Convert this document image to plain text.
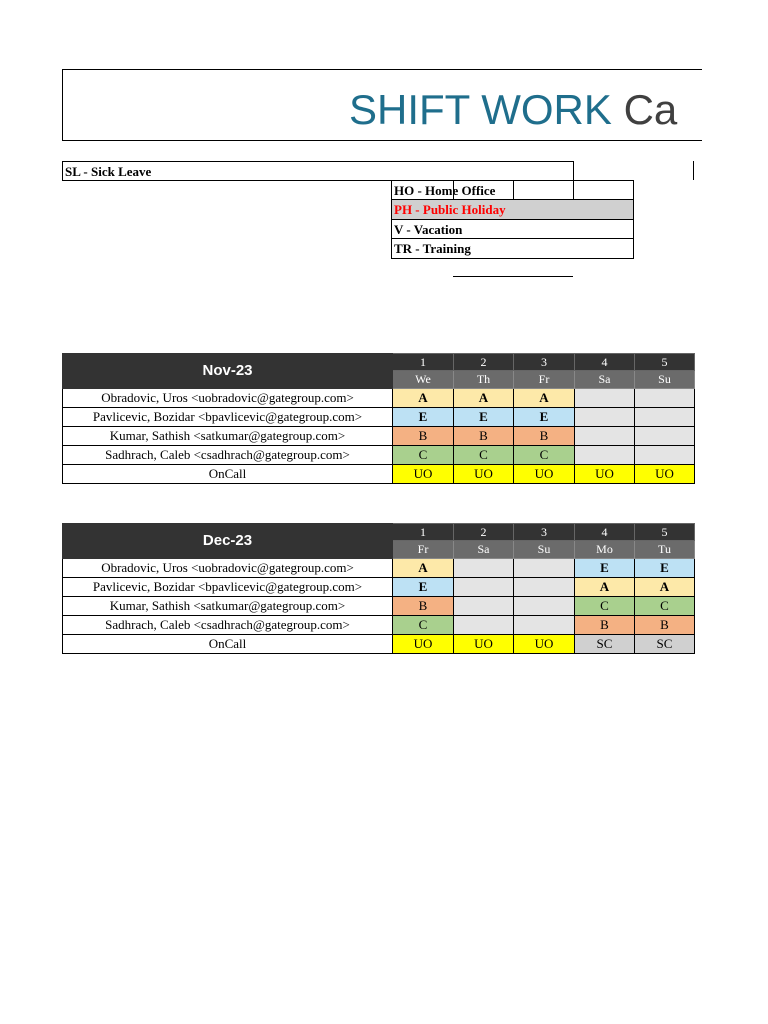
SHIFT WORK Ca
SL - Sick Leave
HO - Home Office
PH - Public Holiday
V - Vacation
TR - Training
Nov-23	1	2	3	4	5
	We	Th	Fr	Sa	Su
Obradovic, Uros <uobradovic@gategroup.com>	A	A	A		
Pavlicevic, Bozidar <bpavlicevic@gategroup.com>	E	E	E		
Kumar, Sathish <satkumar@gategroup.com>	B	B	B		
Sadhrach, Caleb <csadhrach@gategroup.com>	C	C	C		
OnCall	UO	UO	UO	UO	UO
Dec-23	1	2	3	4	5
	Fr	Sa	Su	Mo	Tu
Obradovic, Uros <uobradovic@gategroup.com>	A			E	E
Pavlicevic, Bozidar <bpavlicevic@gategroup.com>	E			A	A
Kumar, Sathish <satkumar@gategroup.com>	B			C	C
Sadhrach, Caleb <csadhrach@gategroup.com>	C			B	B
OnCall	UO	UO	UO	SC	SC
